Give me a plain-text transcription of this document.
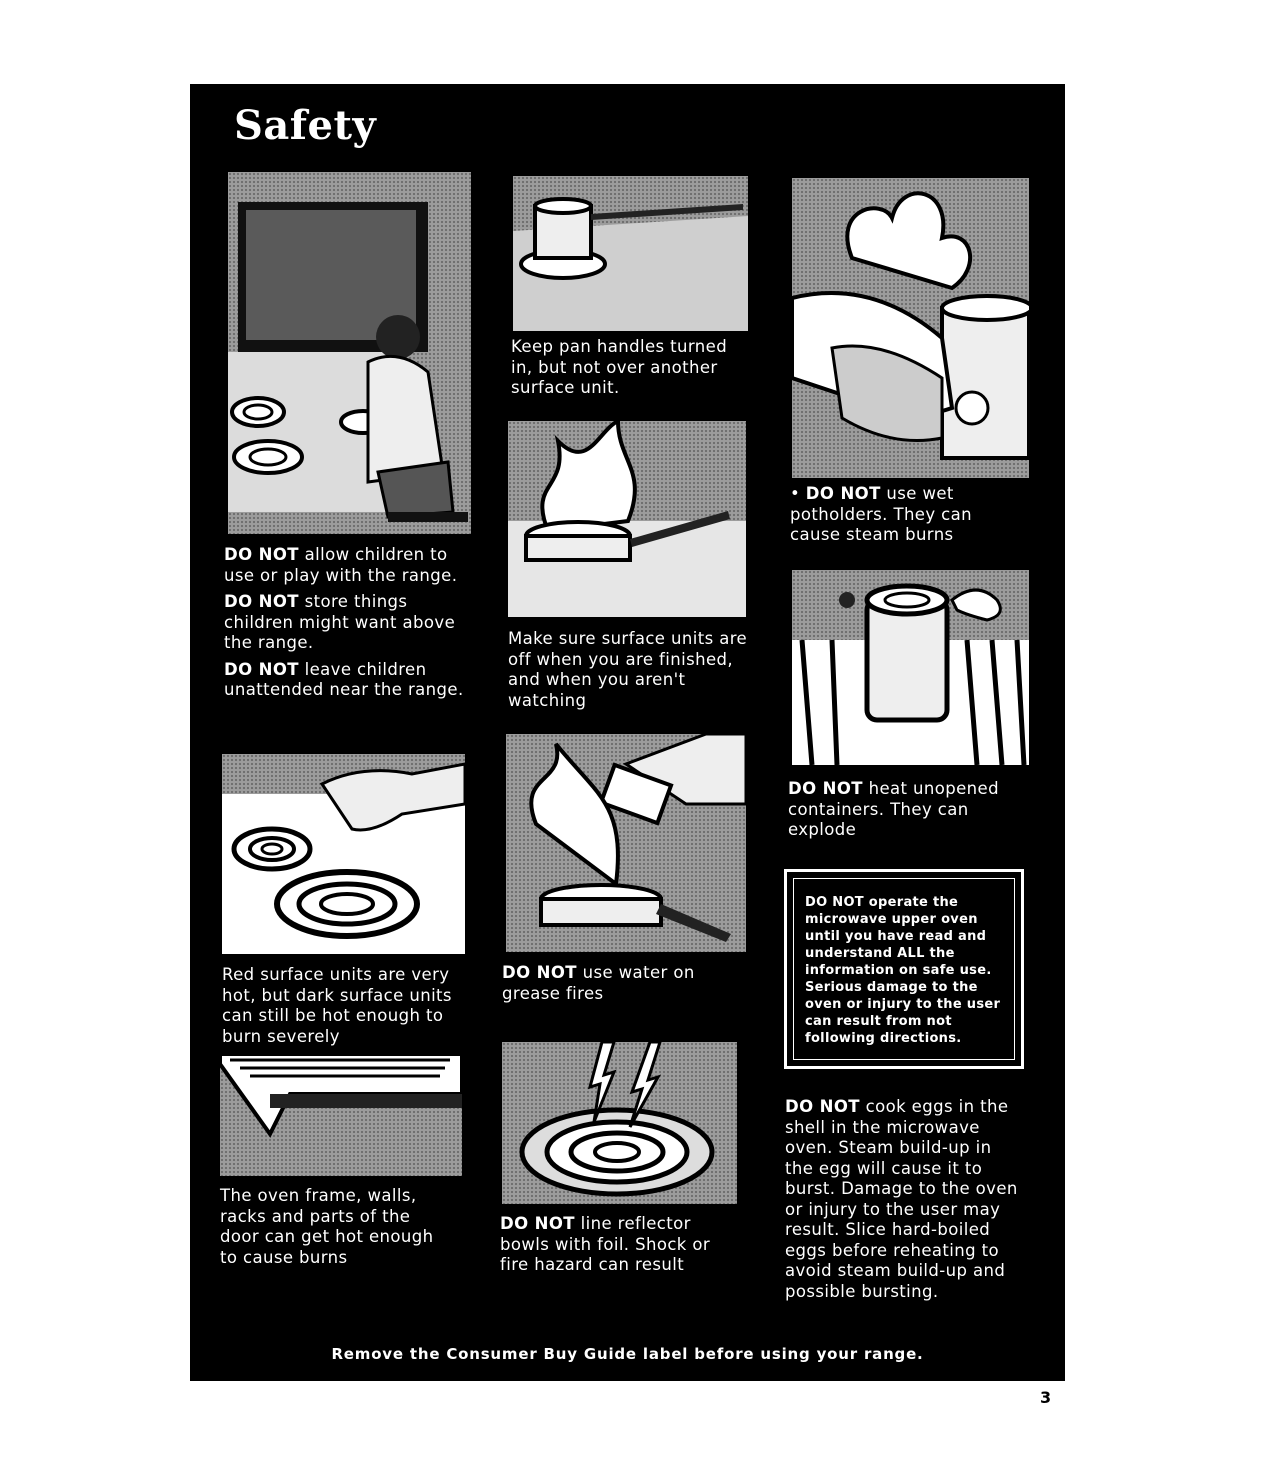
Safety

DO NOT allow children to use or play with the range.

DO NOT store things children might want above the range.

DO NOT leave children unattended near the range.

Red surface units are very hot, but dark surface units can still be hot enough to burn severely
The oven frame, walls, racks and parts of the door can get hot enough to cause burns
Keep pan handles turned in, but not over another surface unit.
Make sure surface units are off when you are finished, and when you aren't watching
DO NOT use water on grease fires
DO NOT line reflector bowls with foil. Shock or fire hazard can result
• DO NOT use wet potholders. They can cause steam burns
DO NOT heat unopened containers. They can explode
DO NOT operate the microwave upper oven until you have read and understand ALL the information on safe use. Serious damage to the oven or injury to the user can result from not following directions.
DO NOT cook eggs in the shell in the microwave oven. Steam build-up in the egg will cause it to burst. Damage to the oven or injury to the user may result. Slice hard-boiled eggs before reheating to avoid steam build-up and possible bursting.
Remove the Consumer Buy Guide label before using your range.
3
